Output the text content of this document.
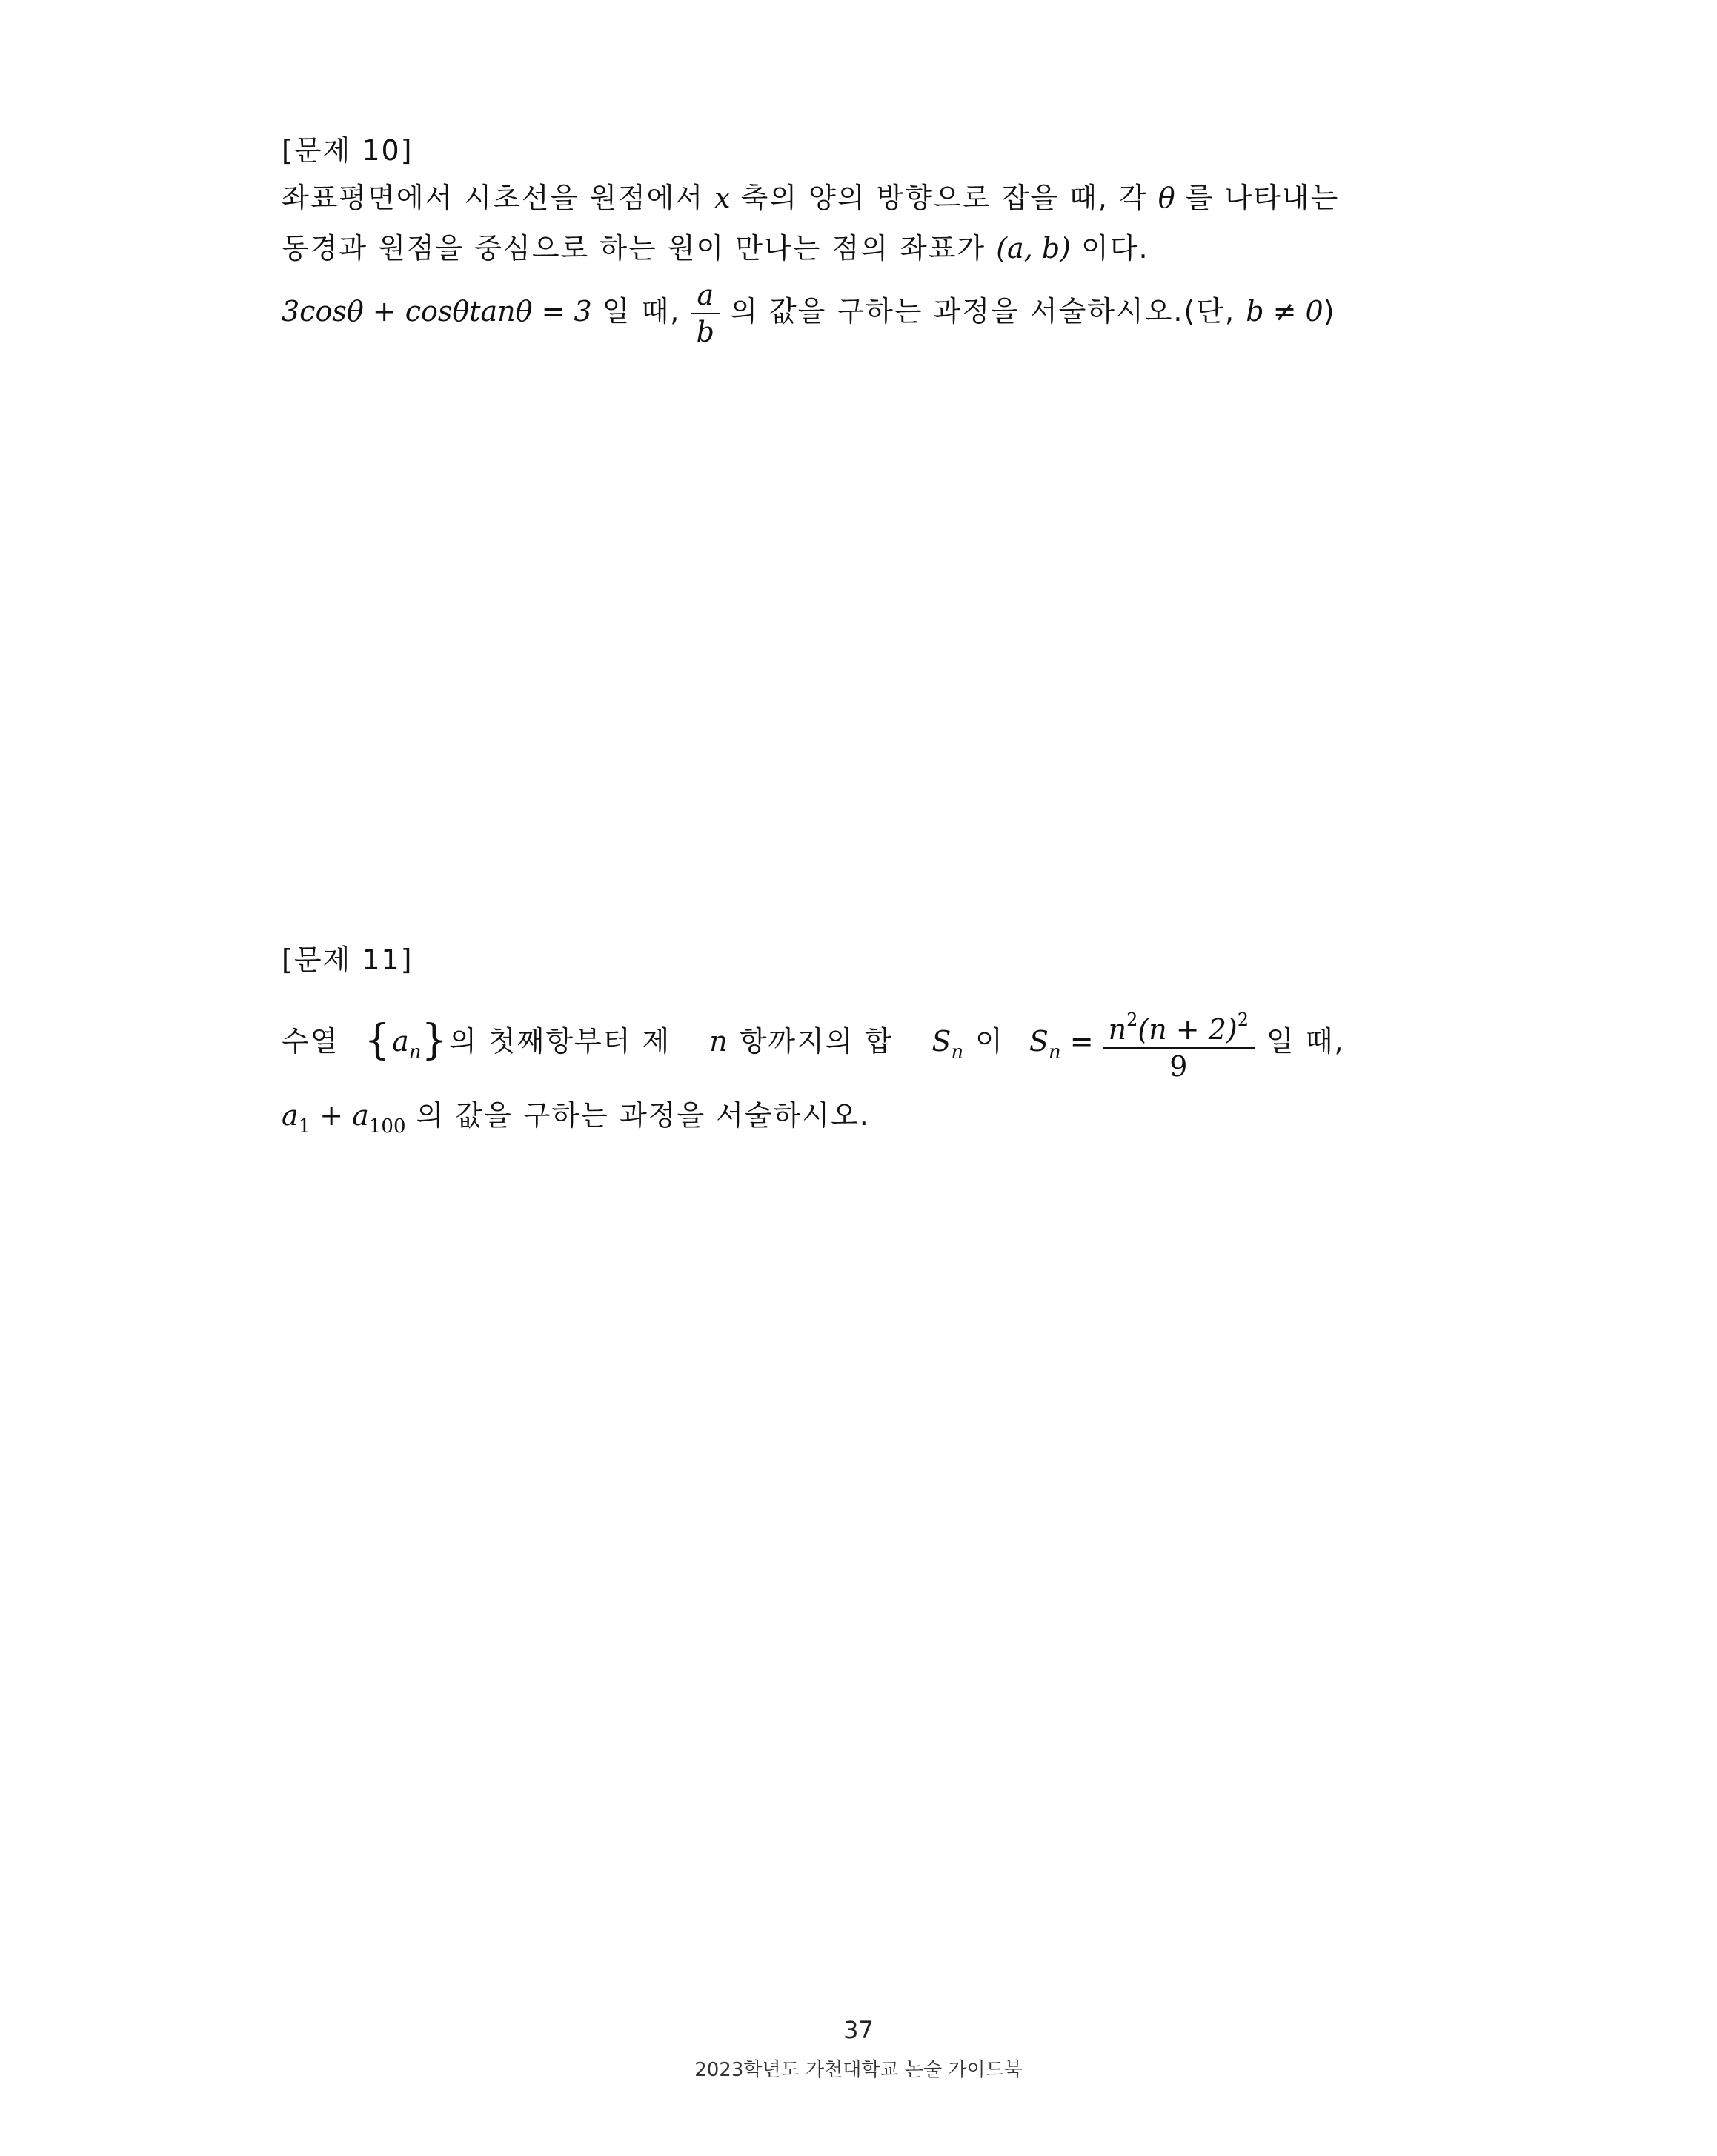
[문제 10]
좌표평면에서 시초선을 원점에서 x 축의 양의 방향으로 잡을 때, 각 θ 를 나타내는
동경과 원점을 중심으로 하는 원이 만나는 점의 좌표가 (a, b) 이다.
3cosθ + cosθtanθ = 3 일 때, $\frac{a}{b}$ 의 값을 구하는 과정을 서술하시오.(단, b ≠ 0)
[문제 11]
수열 $\{a_n\}$의 첫째항부터 제 n 항까지의 합 $S_n$ 이 $S_n = \frac{n^2(n + 2)^2}{9}$ 일 때,
$a_1 + a_{100}$ 의 값을 구하는 과정을 서술하시오.
37
2023학년도 가천대학교 논술 가이드북
